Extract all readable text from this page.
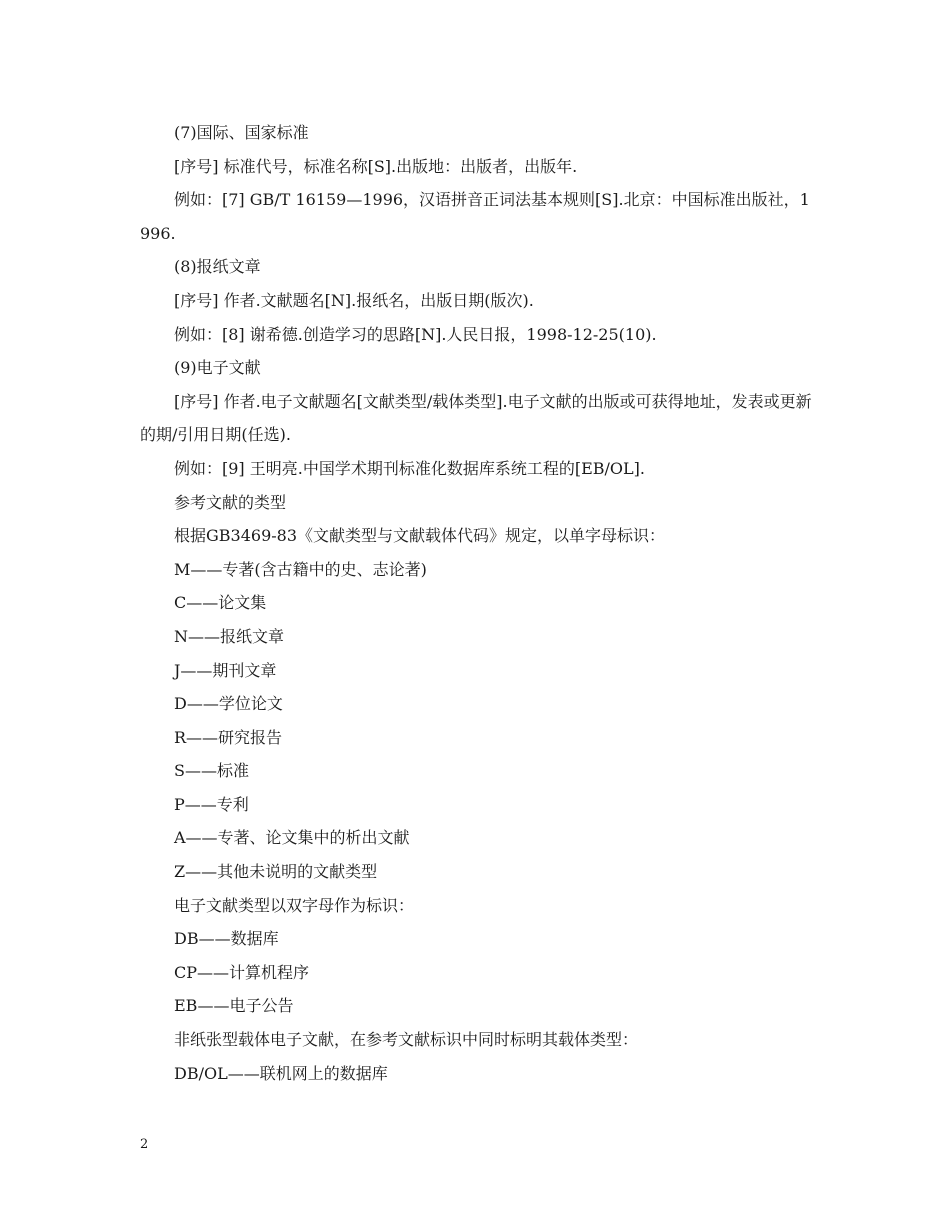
(7)国际、国家标准

[序号] 标准代号，标准名称[S].出版地：出版者，出版年.

例如：[7] GB/T 16159—1996，汉语拼音正词法基本规则[S].北京：中国标准出版社，1996.

(8)报纸文章

[序号] 作者.文献题名[N].报纸名，出版日期(版次).

例如：[8] 谢希德.创造学习的思路[N].人民日报，1998-12-25(10).

(9)电子文献

[序号] 作者.电子文献题名[文献类型/载体类型].电子文献的出版或可获得地址，发表或更新的期/引用日期(任选).

例如：[9] 王明亮.中国学术期刊标准化数据库系统工程的[EB/OL].

参考文献的类型

根据GB3469-83《文献类型与文献载体代码》规定，以单字母标识：

M——专著(含古籍中的史、志论著)

C——论文集

N——报纸文章

J——期刊文章

D——学位论文

R——研究报告

S——标准

P——专利

A——专著、论文集中的析出文献

Z——其他未说明的文献类型

电子文献类型以双字母作为标识：

DB——数据库

CP——计算机程序

EB——电子公告

非纸张型载体电子文献，在参考文献标识中同时标明其载体类型：

DB/OL——联机网上的数据库

2
